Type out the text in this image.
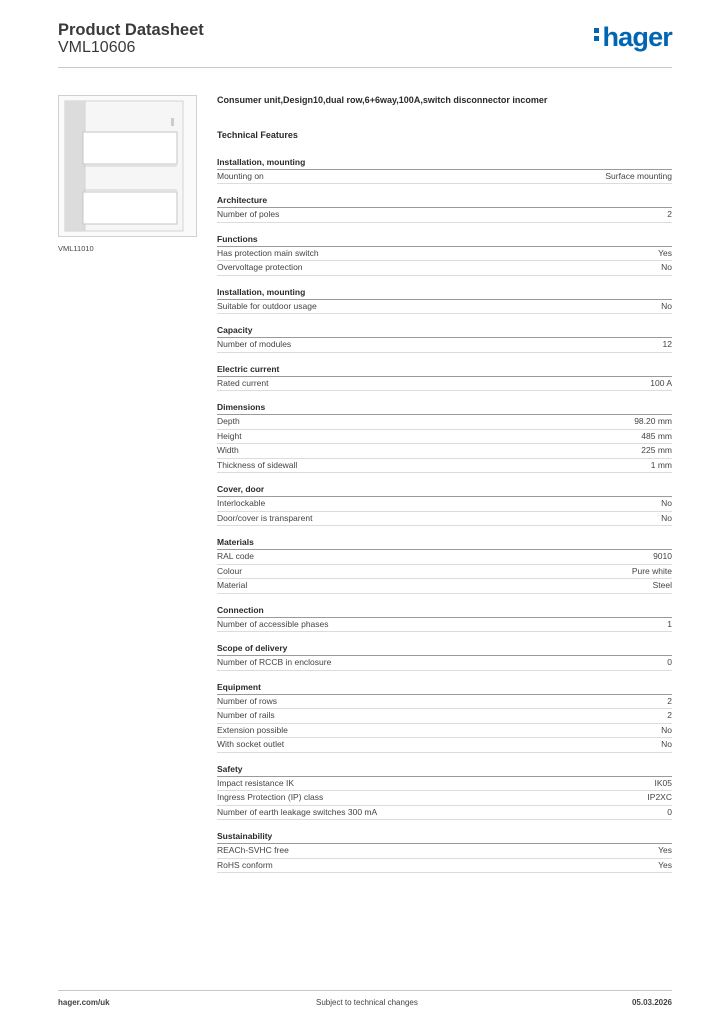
Product Datasheet
VML10606	hager
VML11010
Consumer unit,Design10,dual row,6+6way,100A,switch disconnector incomer
Technical Features
Installation, mounting
Mounting on	Surface mounting
Architecture
Number of poles	2
Functions
Has protection main switch	Yes
Overvoltage protection	No
Installation, mounting
Suitable for outdoor usage	No
Capacity
Number of modules	12
Electric current
Rated current	100 A
Dimensions
Depth	98.20 mm
Height	485 mm
Width	225 mm
Thickness of sidewall	1 mm
Cover, door
Interlockable	No
Door/cover is transparent	No
Materials
RAL code	9010
Colour	Pure white
Material	Steel
Connection
Number of accessible phases	1
Scope of delivery
Number of RCCB in enclosure	0
Equipment
Number of rows	2
Number of rails	2
Extension possible	No
With socket outlet	No
Safety
Impact resistance IK	IK05
Ingress Protection (IP) class	IP2XC
Number of earth leakage switches 300 mA	0
Sustainability
REACh-SVHC free	Yes
RoHS conform	Yes
hager.com/uk	Subject to technical changes	05.03.2026
